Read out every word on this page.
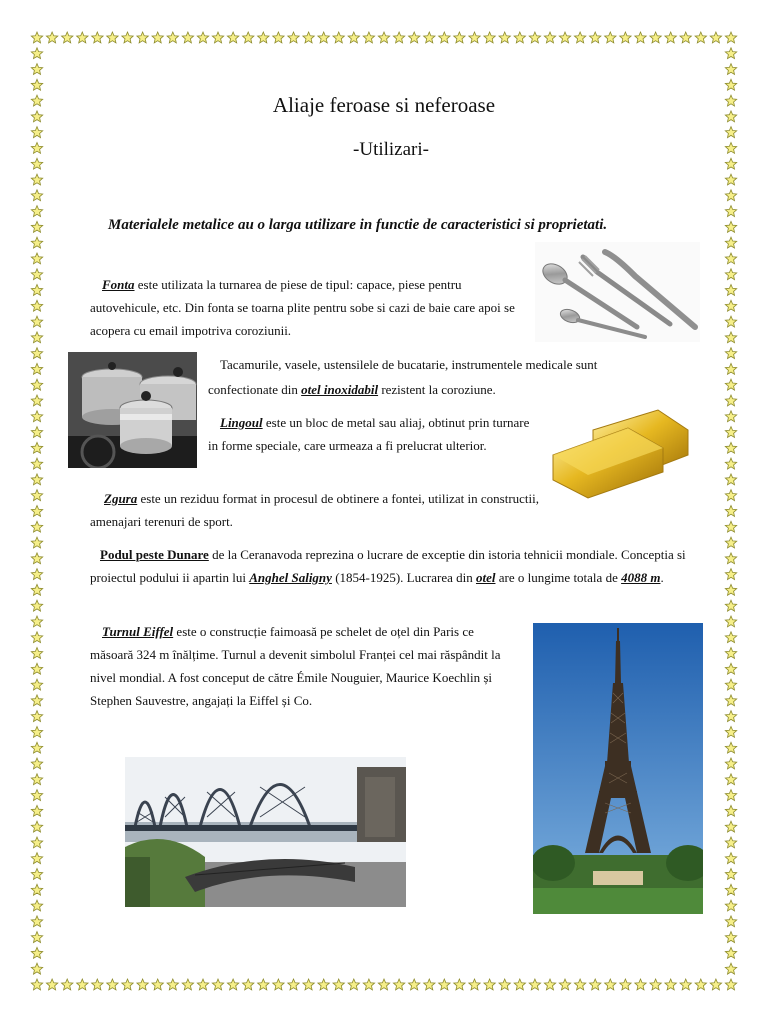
Aliaje feroase si neferoase
-Utilizari-
Materialele metalice au o larga utilizare in functie de caracteristici si proprietati.
Fonta este utilizata la turnarea de piese de tipul: capace, piese pentru autovehicule, etc. Din fonta se toarna plite pentru sobe si cazi de baie care apoi se acopera cu email impotriva coroziunii.
Tacamurile, vasele, ustensilele de bucatarie, instrumentele medicale sunt confectionate din otel inoxidabil rezistent la coroziune.
Lingoul este un bloc de metal sau aliaj, obtinut prin turnare in forme speciale, care urmeaza a fi prelucrat ulterior.
Zgura este un reziduu format in procesul de obtinere a fontei, utilizat in constructii, amenajari terenuri de sport.
Podul peste Dunare de la Ceranavoda reprezina o lucrare de exceptie din istoria tehnicii mondiale. Conceptia si proiectul podului ii apartin lui Anghel Saligny (1854-1925). Lucrarea din otel are o lungime totala de 4088 m.
Turnul Eiffel este o construcție faimoasă pe schelet de oțel din Paris ce măsoară 324 m înălțime. Turnul a devenit simbolul Franței cel mai răspândit la nivel mondial. A fost conceput de către Émile Nouguier, Maurice Koechlin și Stephen Sauvestre, angajați la Eiffel și Co.
